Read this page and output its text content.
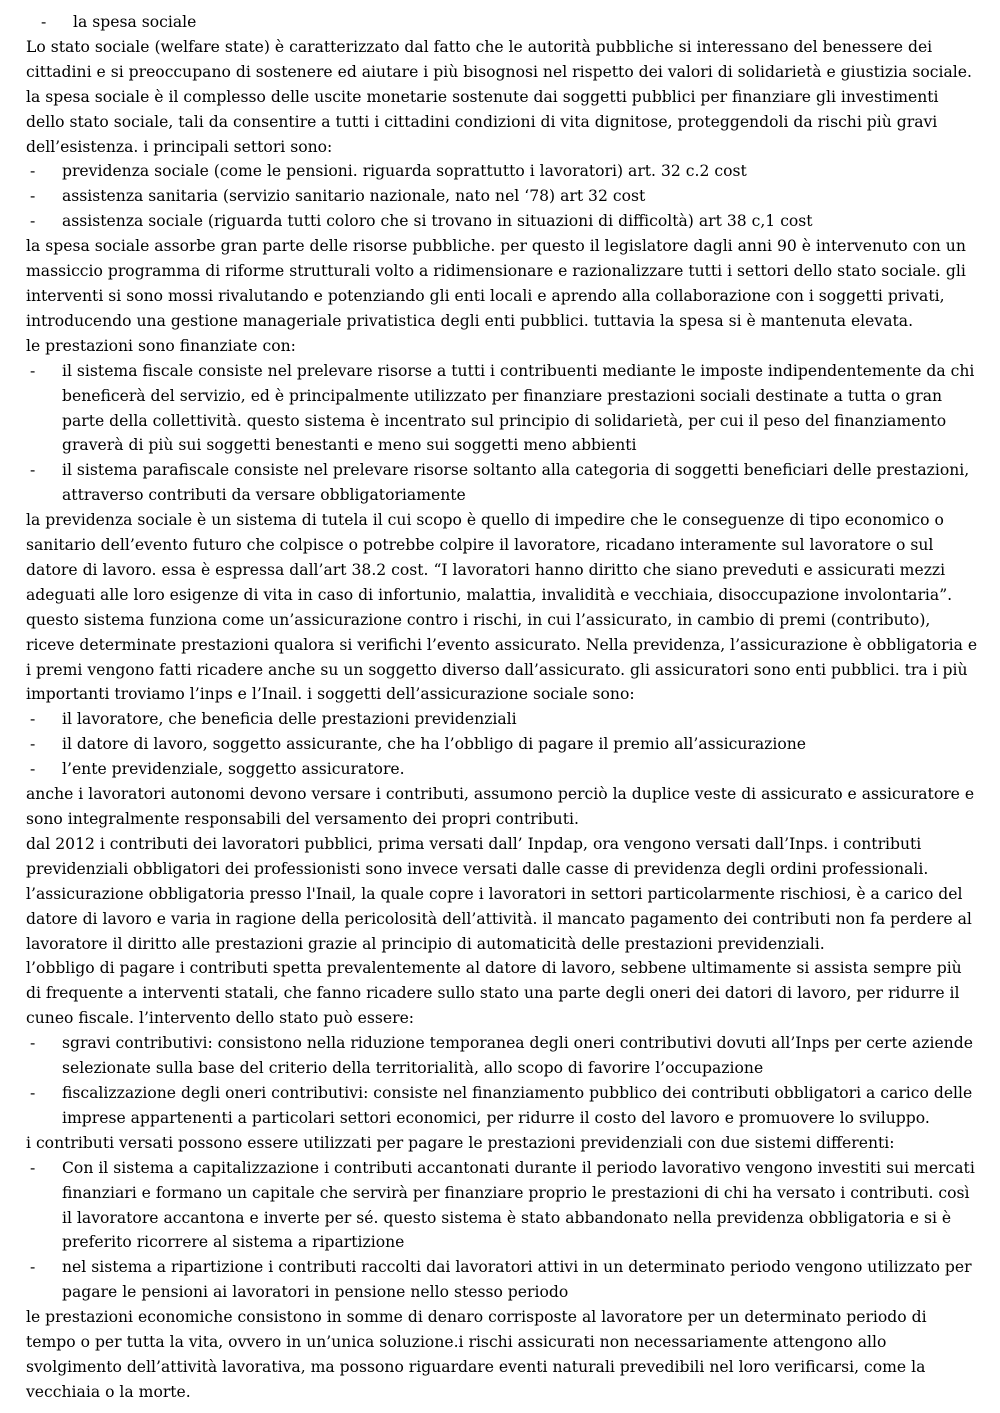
- la spesa sociale

Lo stato sociale (welfare state) è caratterizzato dal fatto che le autorità pubbliche si interessano del benessere dei cittadini e si preoccupano di sostenere ed aiutare i più bisognosi nel rispetto dei valori di solidarietà e giustizia sociale. la spesa sociale è il complesso delle uscite monetarie sostenute dai soggetti pubblici per finanziare gli investimenti dello stato sociale, tali da consentire a tutti i cittadini condizioni di vita dignitose, proteggendoli da rischi più gravi dell’esistenza. i principali settori sono:

- previdenza sociale (come le pensioni. riguarda soprattutto i lavoratori) art. 32 c.2 cost
- assistenza sanitaria (servizio sanitario nazionale, nato nel ‘78) art 32 cost
- assistenza sociale (riguarda tutti coloro che si trovano in situazioni di difficoltà) art 38 c,1 cost

la spesa sociale assorbe gran parte delle risorse pubbliche. per questo il legislatore dagli anni 90 è intervenuto con un massiccio programma di riforme strutturali volto a ridimensionare e razionalizzare tutti i settori dello stato sociale. gli interventi si sono mossi rivalutando e potenziando gli enti locali e aprendo alla collaborazione con i soggetti privati, introducendo una gestione manageriale privatistica degli enti pubblici. tuttavia la spesa si è mantenuta elevata.

le prestazioni sono finanziate con:

- il sistema fiscale consiste nel prelevare risorse a tutti i contribuenti mediante le imposte indipendentemente da chi beneficerà del servizio, ed è principalmente utilizzato per finanziare prestazioni sociali destinate a tutta o gran parte della collettività. questo sistema è incentrato sul principio di solidarietà, per cui il peso del finanziamento graverà di più sui soggetti benestanti e meno sui soggetti meno abbienti
- il sistema parafiscale consiste nel prelevare risorse soltanto alla categoria di soggetti beneficiari delle prestazioni, attraverso contributi da versare obbligatoriamente

la previdenza sociale è un sistema di tutela il cui scopo è quello di impedire che le conseguenze di tipo economico o sanitario dell’evento futuro che colpisce o potrebbe colpire il lavoratore, ricadano interamente sul lavoratore o sul datore di lavoro. essa è espressa dall’art 38.2 cost. “I lavoratori hanno diritto che siano preveduti e assicurati mezzi adeguati alle loro esigenze di vita in caso di infortunio, malattia, invalidità e vecchiaia, disoccupazione involontaria”.

questo sistema funziona come un’assicurazione contro i rischi, in cui l’assicurato, in cambio di premi (contributo), riceve determinate prestazioni qualora si verifichi l’evento assicurato. Nella previdenza, l’assicurazione è obbligatoria e i premi vengono fatti ricadere anche su un soggetto diverso dall’assicurato. gli assicuratori sono enti pubblici. tra i più importanti troviamo l’inps e l’Inail. i soggetti dell’assicurazione sociale sono:

- il lavoratore, che beneficia delle prestazioni previdenziali
- il datore di lavoro, soggetto assicurante, che ha l’obbligo di pagare il premio all’assicurazione
- l’ente previdenziale, soggetto assicuratore.

anche i lavoratori autonomi devono versare i contributi, assumono perciò la duplice veste di assicurato e assicuratore e sono integralmente responsabili del versamento dei propri contributi.

dal 2012 i contributi dei lavoratori pubblici, prima versati dall’ Inpdap, ora vengono versati dall’Inps. i contributi previdenziali obbligatori dei professionisti sono invece versati dalle casse di previdenza degli ordini professionali. l’assicurazione obbligatoria presso l'Inail, la quale copre i lavoratori in settori particolarmente rischiosi, è a carico del datore di lavoro e varia in ragione della pericolosità dell’attività. il mancato pagamento dei contributi non fa perdere al lavoratore il diritto alle prestazioni grazie al principio di automaticità delle prestazioni previdenziali.

l’obbligo di pagare i contributi spetta prevalentemente al datore di lavoro, sebbene ultimamente si assista sempre più di frequente a interventi statali, che fanno ricadere sullo stato una parte degli oneri dei datori di lavoro, per ridurre il cuneo fiscale. l’intervento dello stato può essere:

- sgravi contributivi: consistono nella riduzione temporanea degli oneri contributivi dovuti all’Inps per certe aziende selezionate sulla base del criterio della territorialità, allo scopo di favorire l’occupazione
- fiscalizzazione degli oneri contributivi: consiste nel finanziamento pubblico dei contributi obbligatori a carico delle imprese appartenenti a particolari settori economici, per ridurre il costo del lavoro e promuovere lo sviluppo.

i contributi versati possono essere utilizzati per pagare le prestazioni previdenziali con due sistemi differenti:

- Con il sistema a capitalizzazione i contributi accantonati durante il periodo lavorativo vengono investiti sui mercati finanziari e formano un capitale che servirà per finanziare proprio le prestazioni di chi ha versato i contributi. così il lavoratore accantona e inverte per sé. questo sistema è stato abbandonato nella previdenza obbligatoria e si è preferito ricorrere al sistema a ripartizione
- nel sistema a ripartizione i contributi raccolti dai lavoratori attivi in un determinato periodo vengono utilizzato per pagare le pensioni ai lavoratori in pensione nello stesso periodo

le prestazioni economiche consistono in somme di denaro corrisposte al lavoratore per un determinato periodo di tempo o per tutta la vita, ovvero in un’unica soluzione.i rischi assicurati non necessariamente attengono allo svolgimento dell’attività lavorativa, ma possono riguardare eventi naturali prevedibili nel loro verificarsi, come la vecchiaia o la morte.
